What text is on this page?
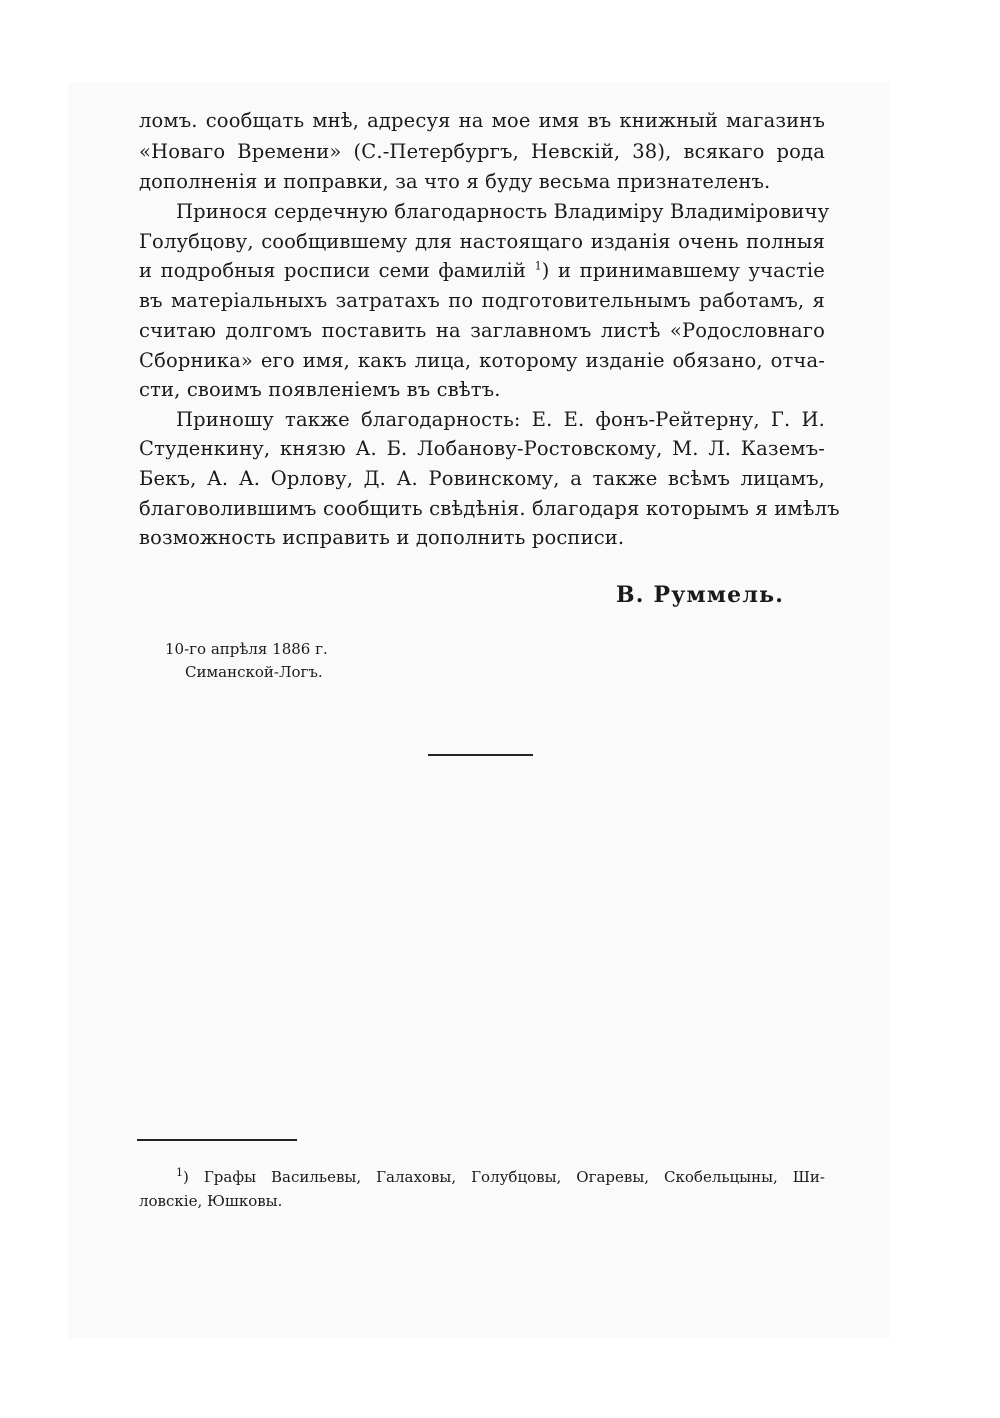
ломъ. сообщать мнѣ, адресуя на мое имя въ книжный магазинъ
«Новаго Времени» (С.-Петербургъ, Невскій, 38), всякаго рода
дополненія и поправки, за что я буду весьма признателенъ.
Принося сердечную благодарность Владиміру Владиміровичу
Голубцову, сообщившему для настоящаго изданія очень полныя
и подробныя росписи семи фамилій $^1$) и принимавшему участіе
въ матеріальныхъ затратахъ по подготовительнымъ работамъ, я
считаю долгомъ поставить на заглавномъ листѣ «Родословнаго
Сборника» его имя, какъ лица, которому изданіе обязано, отча-
сти, своимъ появленіемъ въ свѣтъ.
Приношу также благодарность: Е. Е. фонъ-Рейтерну, Г. И.
Студенкину, князю А. Б. Лобанову-Ростовскому, М. Л. Каземъ-
Бекъ, А. А. Орлову, Д. А. Ровинскому, а также всѣмъ лицамъ,
благоволившимъ сообщить свѣдѣнія. благодаря которымъ я имѣлъ
возможность исправить и дополнить росписи.
В. Руммель.
10-го апрѣля 1886 г.
Симанской-Логъ.
$^1$) Графы Васильевы, Галаховы, Голубцовы, Огаревы, Скобельцыны, Ши-
ловскіе, Юшковы.
